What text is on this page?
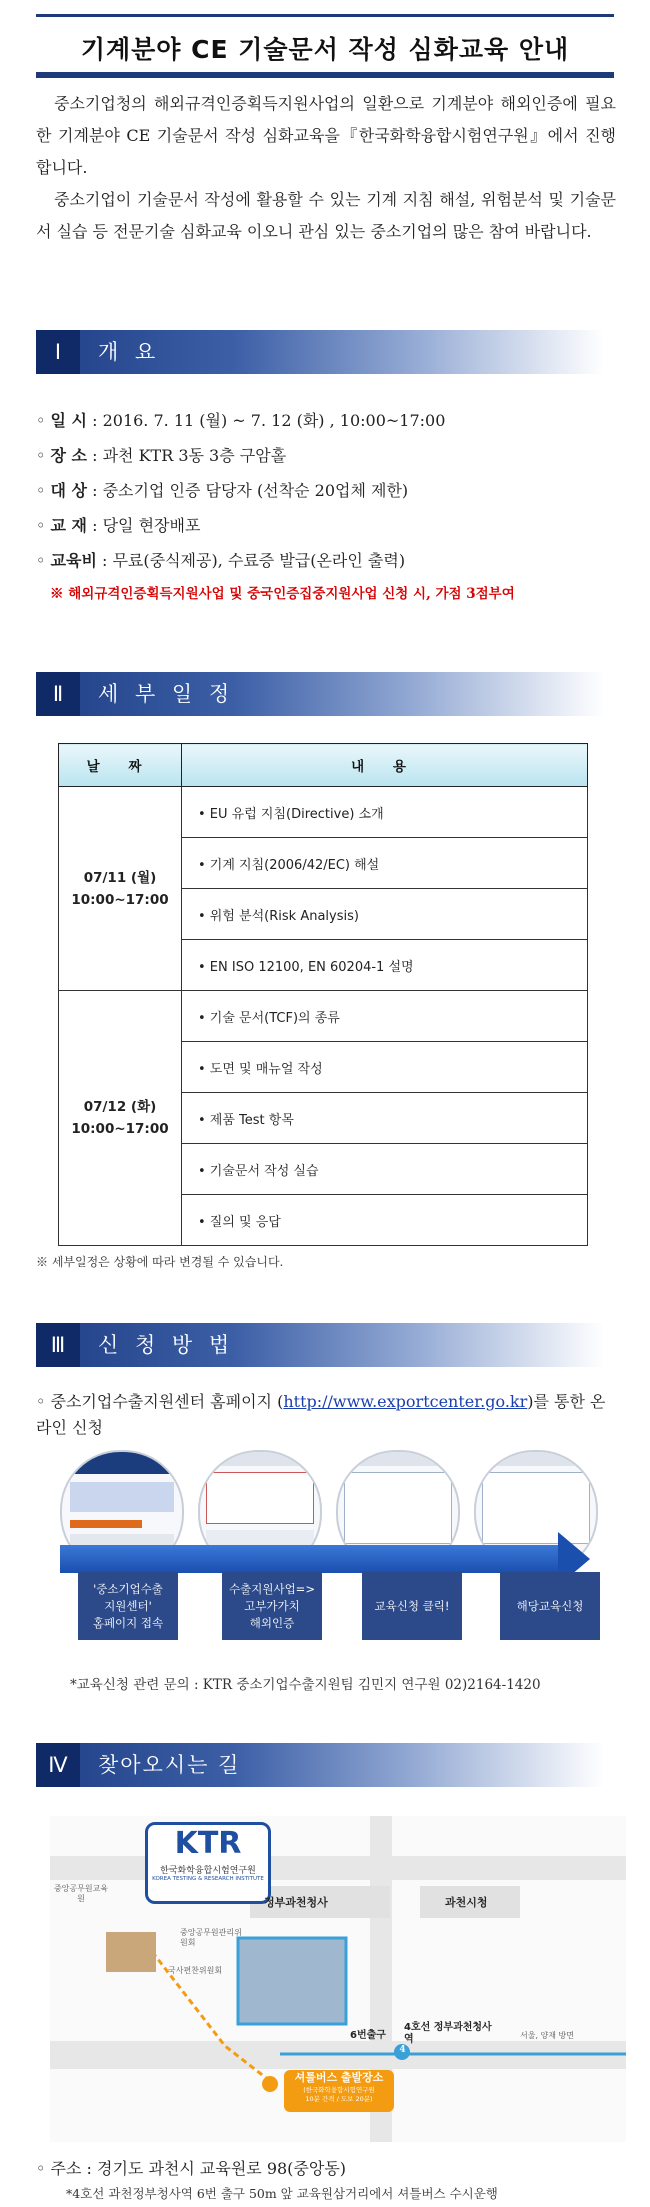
기계분야 CE 기술문서 작성 심화교육 안내
중소기업청의 해외규격인증획득지원사업의 일환으로 기계분야 해외인증에 필요한 기계분야 CE 기술문서 작성 심화교육을『한국화학융합시험연구원』에서 진행합니다.
중소기업이 기술문서 작성에 활용할 수 있는 기계 지침 해설, 위험분석 및 기술문서 실습 등 전문기술 심화교육 이오니 관심 있는 중소기업의 많은 참여 바랍니다.
Ⅰ	개 요
◦ 일 시 : 2016. 7. 11 (월) ~ 7. 12 (화) , 10:00~17:00
◦ 장 소 : 과천 KTR 3동 3층 구암홀
◦ 대 상 : 중소기업 인증 담당자 (선착순 20업체 제한)
◦ 교 재 : 당일 현장배포
◦ 교육비 : 무료(중식제공), 수료증 발급(온라인 출력)
※ 해외규격인증획득지원사업 및 중국인증집중지원사업 신청 시, 가점 3점부여
Ⅱ	세 부 일 정
날 짜	내 용

07/11 (월)
10:00~17:00	• EU 유럽 지침(Directive) 소개
	• 기계 지침(2006/42/EC) 해설
	• 위험 분석(Risk Analysis)
	• EN ISO 12100, EN 60204-1 설명

07/12 (화)
10:00~17:00	• 기술 문서(TCF)의 종류
	• 도면 및 매뉴얼 작성
	• 제품 Test 항목
	• 기술문서 작성 실습
	• 질의 및 응답
※ 세부일정은 상황에 따라 변경될 수 있습니다.
Ⅲ	신 청 방 법
◦ 중소기업수출지원센터 홈페이지 (http://www.exportcenter.go.kr)를 통한 온라인 신청
'중소기업수출
지원센터'
홈페이지 접속
수출지원사업=>
고부가가치
해외인증
교육신청 클릭!	해당교육신청
*교육신청 관련 문의 : KTR 중소기업수출지원팀 김민지 연구원 02)2164-1420
Ⅳ	찾아오시는 길
KTR
한국화학융합시험연구원
KOREA TESTING & RESEARCH INSTITUTE
중앙공무원교육원
중앙공무원관리위원회
국사편찬위원회
정부과천청사	과천시청
6번출구
4
4호선 정부과천청사역	서울, 양재 방면
셔틀버스 출발장소
(한국화학융합시험연구원
10분 간격 / 도보 20분)
◦ 주소 : 경기도 과천시 교육원로 98(중앙동)
*4호선 과천정부청사역 6번 출구 50m 앞 교육원삼거리에서 셔틀버스 수시운행
